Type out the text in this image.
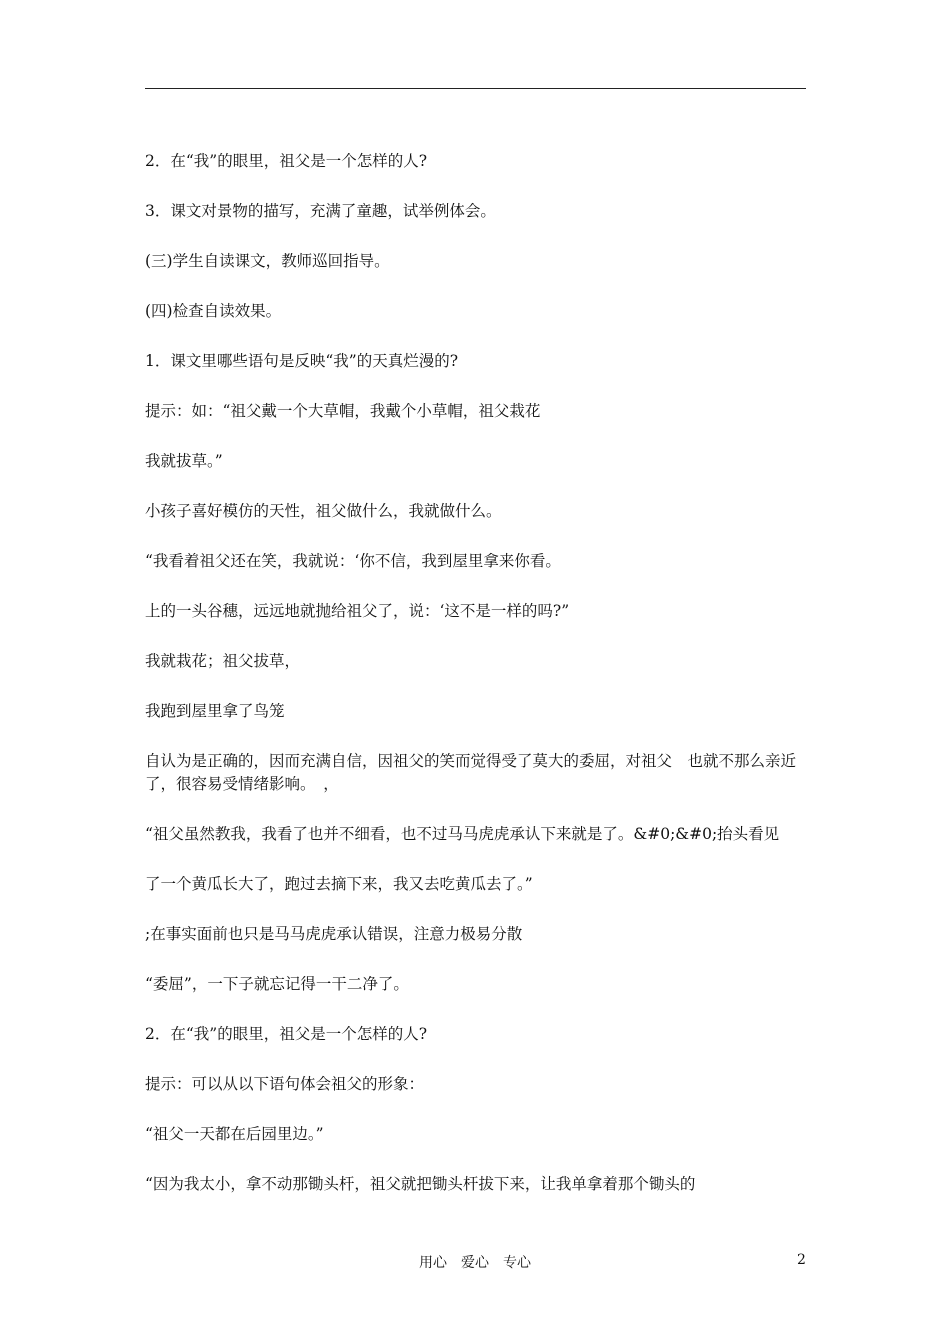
2．在“我”的眼里，祖父是一个怎样的人?

3．课文对景物的描写，充满了童趣，试举例体会。

(三)学生自读课文，教师巡回指导。

(四)检查自读效果。

1．课文里哪些语句是反映“我”的天真烂漫的?

提示：如：“祖父戴一个大草帽，我戴个小草帽，祖父栽花

我就拔草。”

小孩子喜好模仿的天性，祖父做什么，我就做什么。

“我看着祖父还在笑，我就说：‘你不信，我到屋里拿来你看。

上的一头谷穗，远远地就抛给祖父了，说：‘这不是一样的吗?”

我就栽花；祖父拔草，

我跑到屋里拿了鸟笼

自认为是正确的，因而充满自信，因祖父的笑而觉得受了莫大的委屈，对祖父　也就不那么亲近了，很容易受情绪影响。　，

“祖父虽然教我，我看了也并不细看，也不过马马虎虎承认下来就是了。&#0;&#0;抬头看见

了一个黄瓜长大了，跑过去摘下来，我又去吃黄瓜去了。”

;在事实面前也只是马马虎虎承认错误，注意力极易分散

“委屈”，一下子就忘记得一干二净了。

2．在“我”的眼里，祖父是一个怎样的人?

提示：可以从以下语句体会祖父的形象：

“祖父一天都在后园里边。”

“因为我太小，拿不动那锄头杆，祖父就把锄头杆拔下来，让我单拿着那个锄头的

用心　爱心　专心	2
